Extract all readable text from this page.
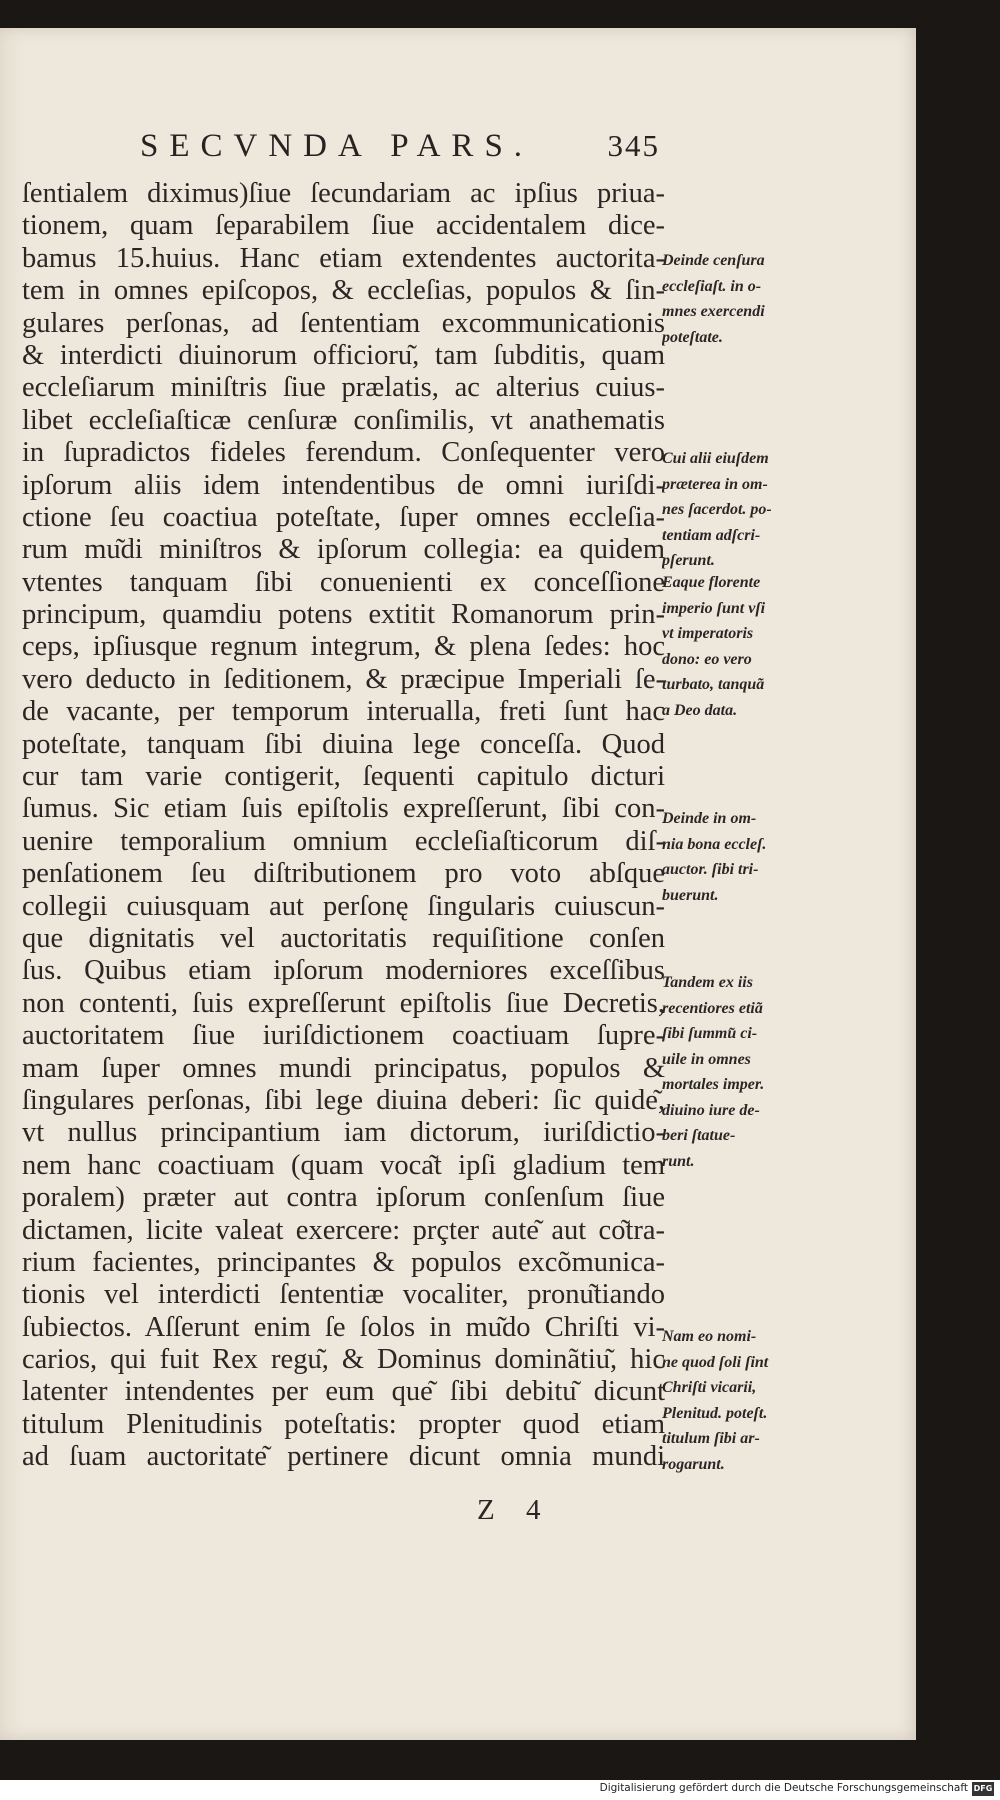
SECVNDA PARS. 345
ſentialem diximus)ſiue ſecundariam ac ipſius priua-
tionem, quam ſeparabilem ſiue accidentalem dice-
bamus 15.huius. Hanc etiam extendentes auctorita-
tem in omnes epiſcopos, & eccleſias, populos & ſin-
gulares perſonas, ad ſententiam excommunicationis
& interdicti diuinorum officioru͂, tam ſubditis, quam
eccleſiarum miniſtris ſiue prælatis, ac alterius cuius-
libet eccleſiaſticæ cenſuræ conſimilis, vt anathematis
in ſupradictos fideles ferendum. Conſequenter vero
ipſorum aliis idem intendentibus de omni iuriſdi-
ctione ſeu coactiua poteſtate, ſuper omnes eccleſia-
rum mu͂di miniſtros & ipſorum collegia: ea quidem
vtentes tanquam ſibi conuenienti ex conceſſione
principum, quamdiu potens extitit Romanorum prin-
ceps, ipſiusque regnum integrum, & plena ſedes: hoc
vero deducto in ſeditionem, & præcipue Imperiali ſe-
de vacante, per temporum interualla, freti ſunt hac
poteſtate, tanquam ſibi diuina lege conceſſa. Quod
cur tam varie contigerit, ſequenti capitulo dicturi
ſumus. Sic etiam ſuis epiſtolis expreſſerunt, ſibi con-
uenire temporalium omnium eccleſiaſticorum diſ-
penſationem ſeu diſtributionem pro voto abſque
collegii cuiusquam aut perſonę ſingularis cuiuscun-
que dignitatis vel auctoritatis requiſitione conſen
ſus. Quibus etiam ipſorum moderniores exceſſibus
non contenti, ſuis expreſſerunt epiſtolis ſiue Decretis,
auctoritatem ſiue iuriſdictionem coactiuam ſupre-
mam ſuper omnes mundi principatus, populos &
ſingulares perſonas, ſibi lege diuina deberi: ſic quide͂,
vt nullus principantium iam dictorum, iuriſdictio-
nem hanc coactiuam (quam voca͂t ipſi gladium tem
poralem) præter aut contra ipſorum conſenſum ſiue
dictamen, licite valeat exercere: prçter aute͂ aut co͂tra-
rium facientes, principantes & populos excõmunica-
tionis vel interdicti ſententiæ vocaliter, pronu͂tiando
ſubiectos. Aſſerunt enim ſe ſolos in mu͂do Chriſti vi-
carios, qui fuit Rex regu͂, & Dominus dominãtiu͂, hic
latenter intendentes per eum que͂ ſibi debitu͂ dicunt
titulum Plenitudinis poteſtatis: propter quod etiam
ad ſuam auctoritate͂ pertinere dicunt omnia mundi
Deinde cenſura
eccleſiaſt. in o-
mnes exercendi
poteſtate.
Cui alii eiuſdem
præterea in om-
nes ſacerdot. po-
tentiam adſcri-
pſerunt.
Eaque florente
imperio ſunt vſi
vt imperatoris
dono: eo vero
turbato, tanqua͂
a Deo data.
Deinde in om-
nia bona eccleſ.
auctor. ſibi tri-
buerunt.
Tandem ex iis
recentiores etia͂
ſibi ſummu͂ ci-
uile in omnes
mortales imper.
diuino iure de-
beri ſtatue-
runt.
Nam eo nomi-
ne quod ſoli ſint
Chriſti vicarii,
Plenitud. poteſt.
titulum ſibi ar-
rogarunt.
Z 4
Digitalisierung gefördert durch die Deutsche Forschungsgemeinschaft DFG
